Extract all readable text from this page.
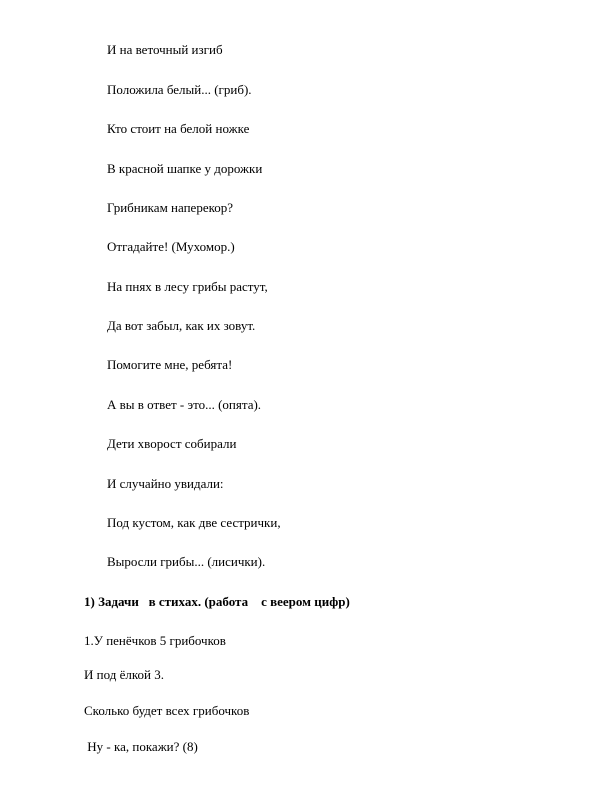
И на веточный изгиб
Положила белый... (гриб).
Кто стоит на белой ножке
В красной шапке у дорожки
Грибникам наперекор?
Отгадайте! (Мухомор.)
На пнях в лесу грибы растут,
Да вот забыл, как их зовут.
Помогите мне, ребята!
А вы в ответ - это... (опята).
Дети хворост собирали
И случайно увидали:
Под кустом, как две сестрички,
Выросли грибы... (лисички).
1) Задачи   в стихах. (работа    с веером цифр)
1.У пенёчков 5 грибочков
И под ёлкой 3.
Сколько будет всех грибочков
Ну - ка, покажи? (8)
